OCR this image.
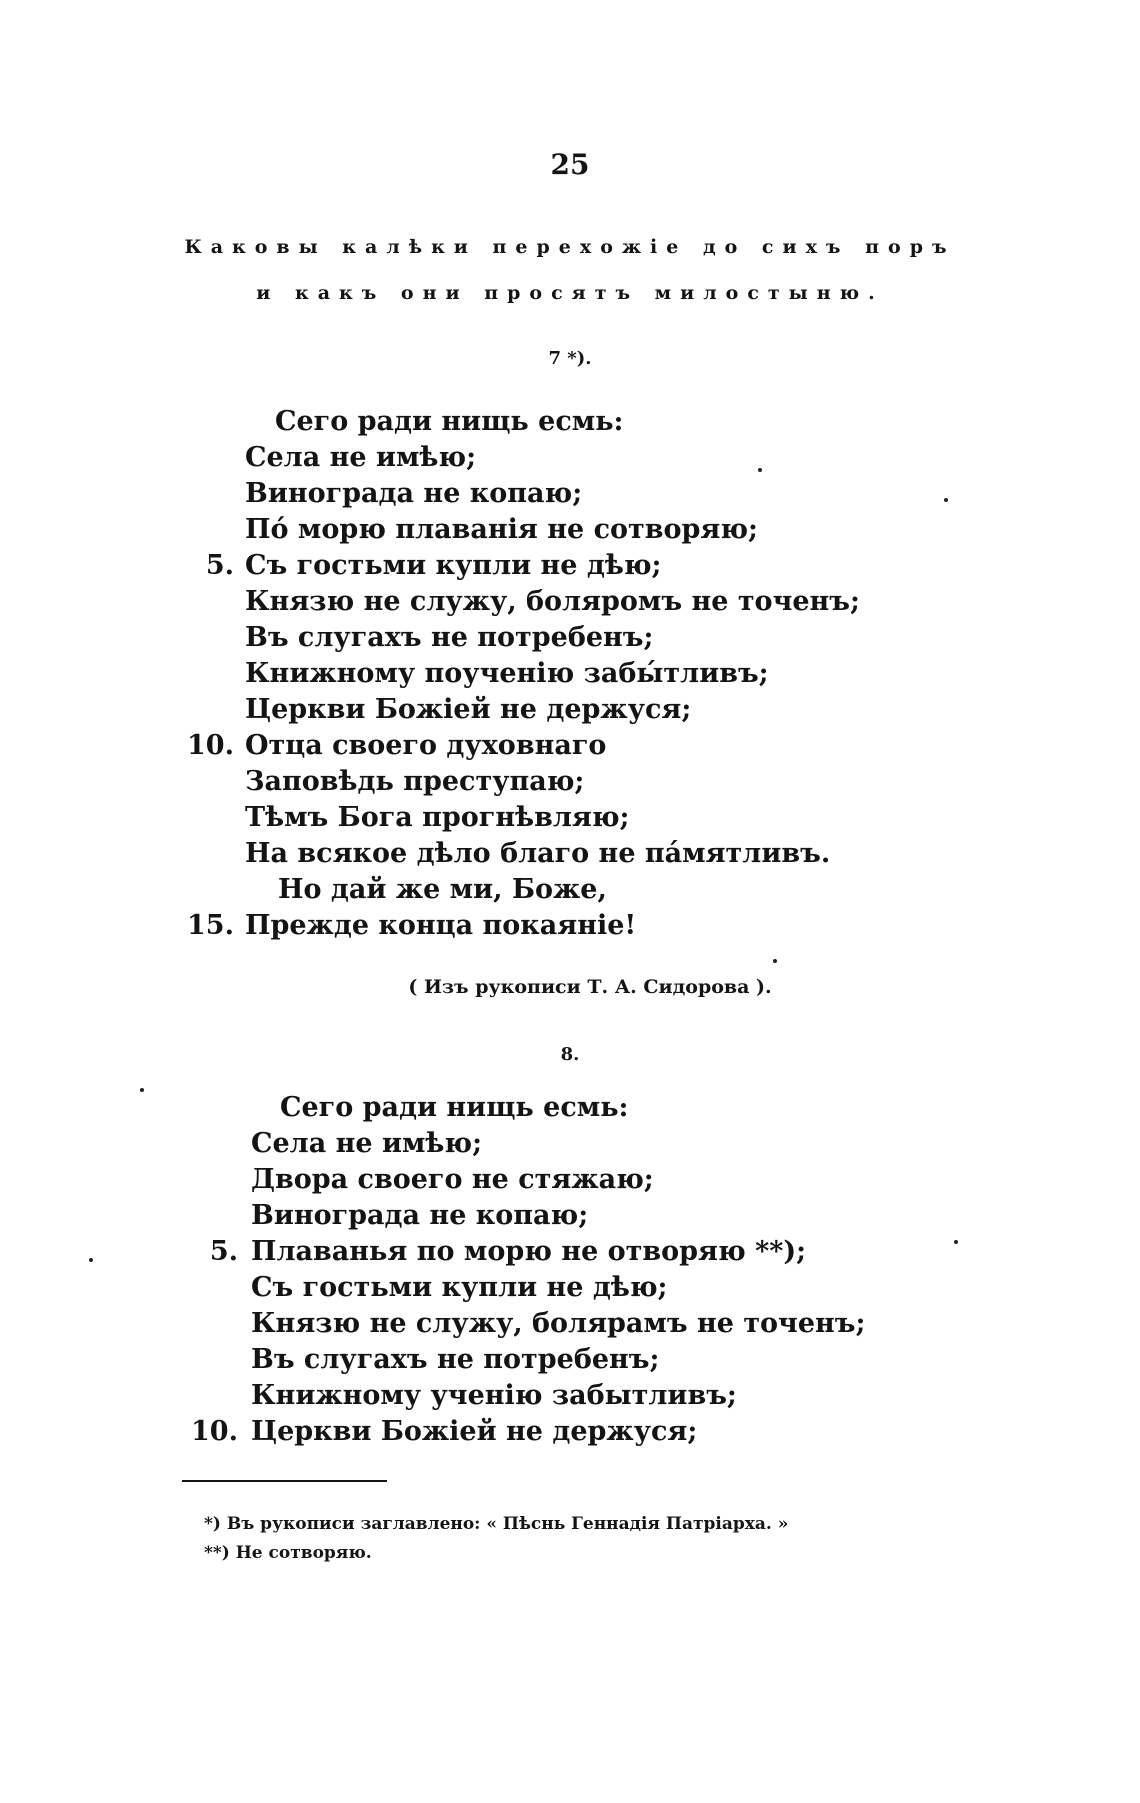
25
Каковы калѣки перехожіе до сихъ поръ
и какъ они просятъ милостыню.
7 *).
Сего ради нищь есмь:
Села не имѣю;
Винограда не копаю;
Пó морю плаванія не сотворяю;
5. Съ гостьми купли не дѣю;
Князю не служу, боляромъ не точенъ;
Въ слугахъ не потребенъ;
Книжному поученію забы́тливъ;
Церкви Божіей не держуся;
10. Отца своего духовнаго
Заповѣдь преступаю;
Тѣмъ Бога прогнѣвляю;
На всякое дѣло благо не па́мятливъ.
Но дай же ми, Боже,
15. Прежде конца покаяніе!
( Изъ рукописи Т. А. Сидорова ).
8.
Сего ради нищь есмь:
Села не имѣю;
Двора своего не стяжаю;
Винограда не копаю;
5. Плаванья по морю не отворяю **);
Съ гостьми купли не дѣю;
Князю не служу, болярамъ не точенъ;
Въ слугахъ не потребенъ;
Книжному ученію забытливъ;
10. Церкви Божіей не держуся;
*) Въ рукописи заглавлено: « Пѣснь Геннадія Патріарха. »
**) Не сотворяю.
